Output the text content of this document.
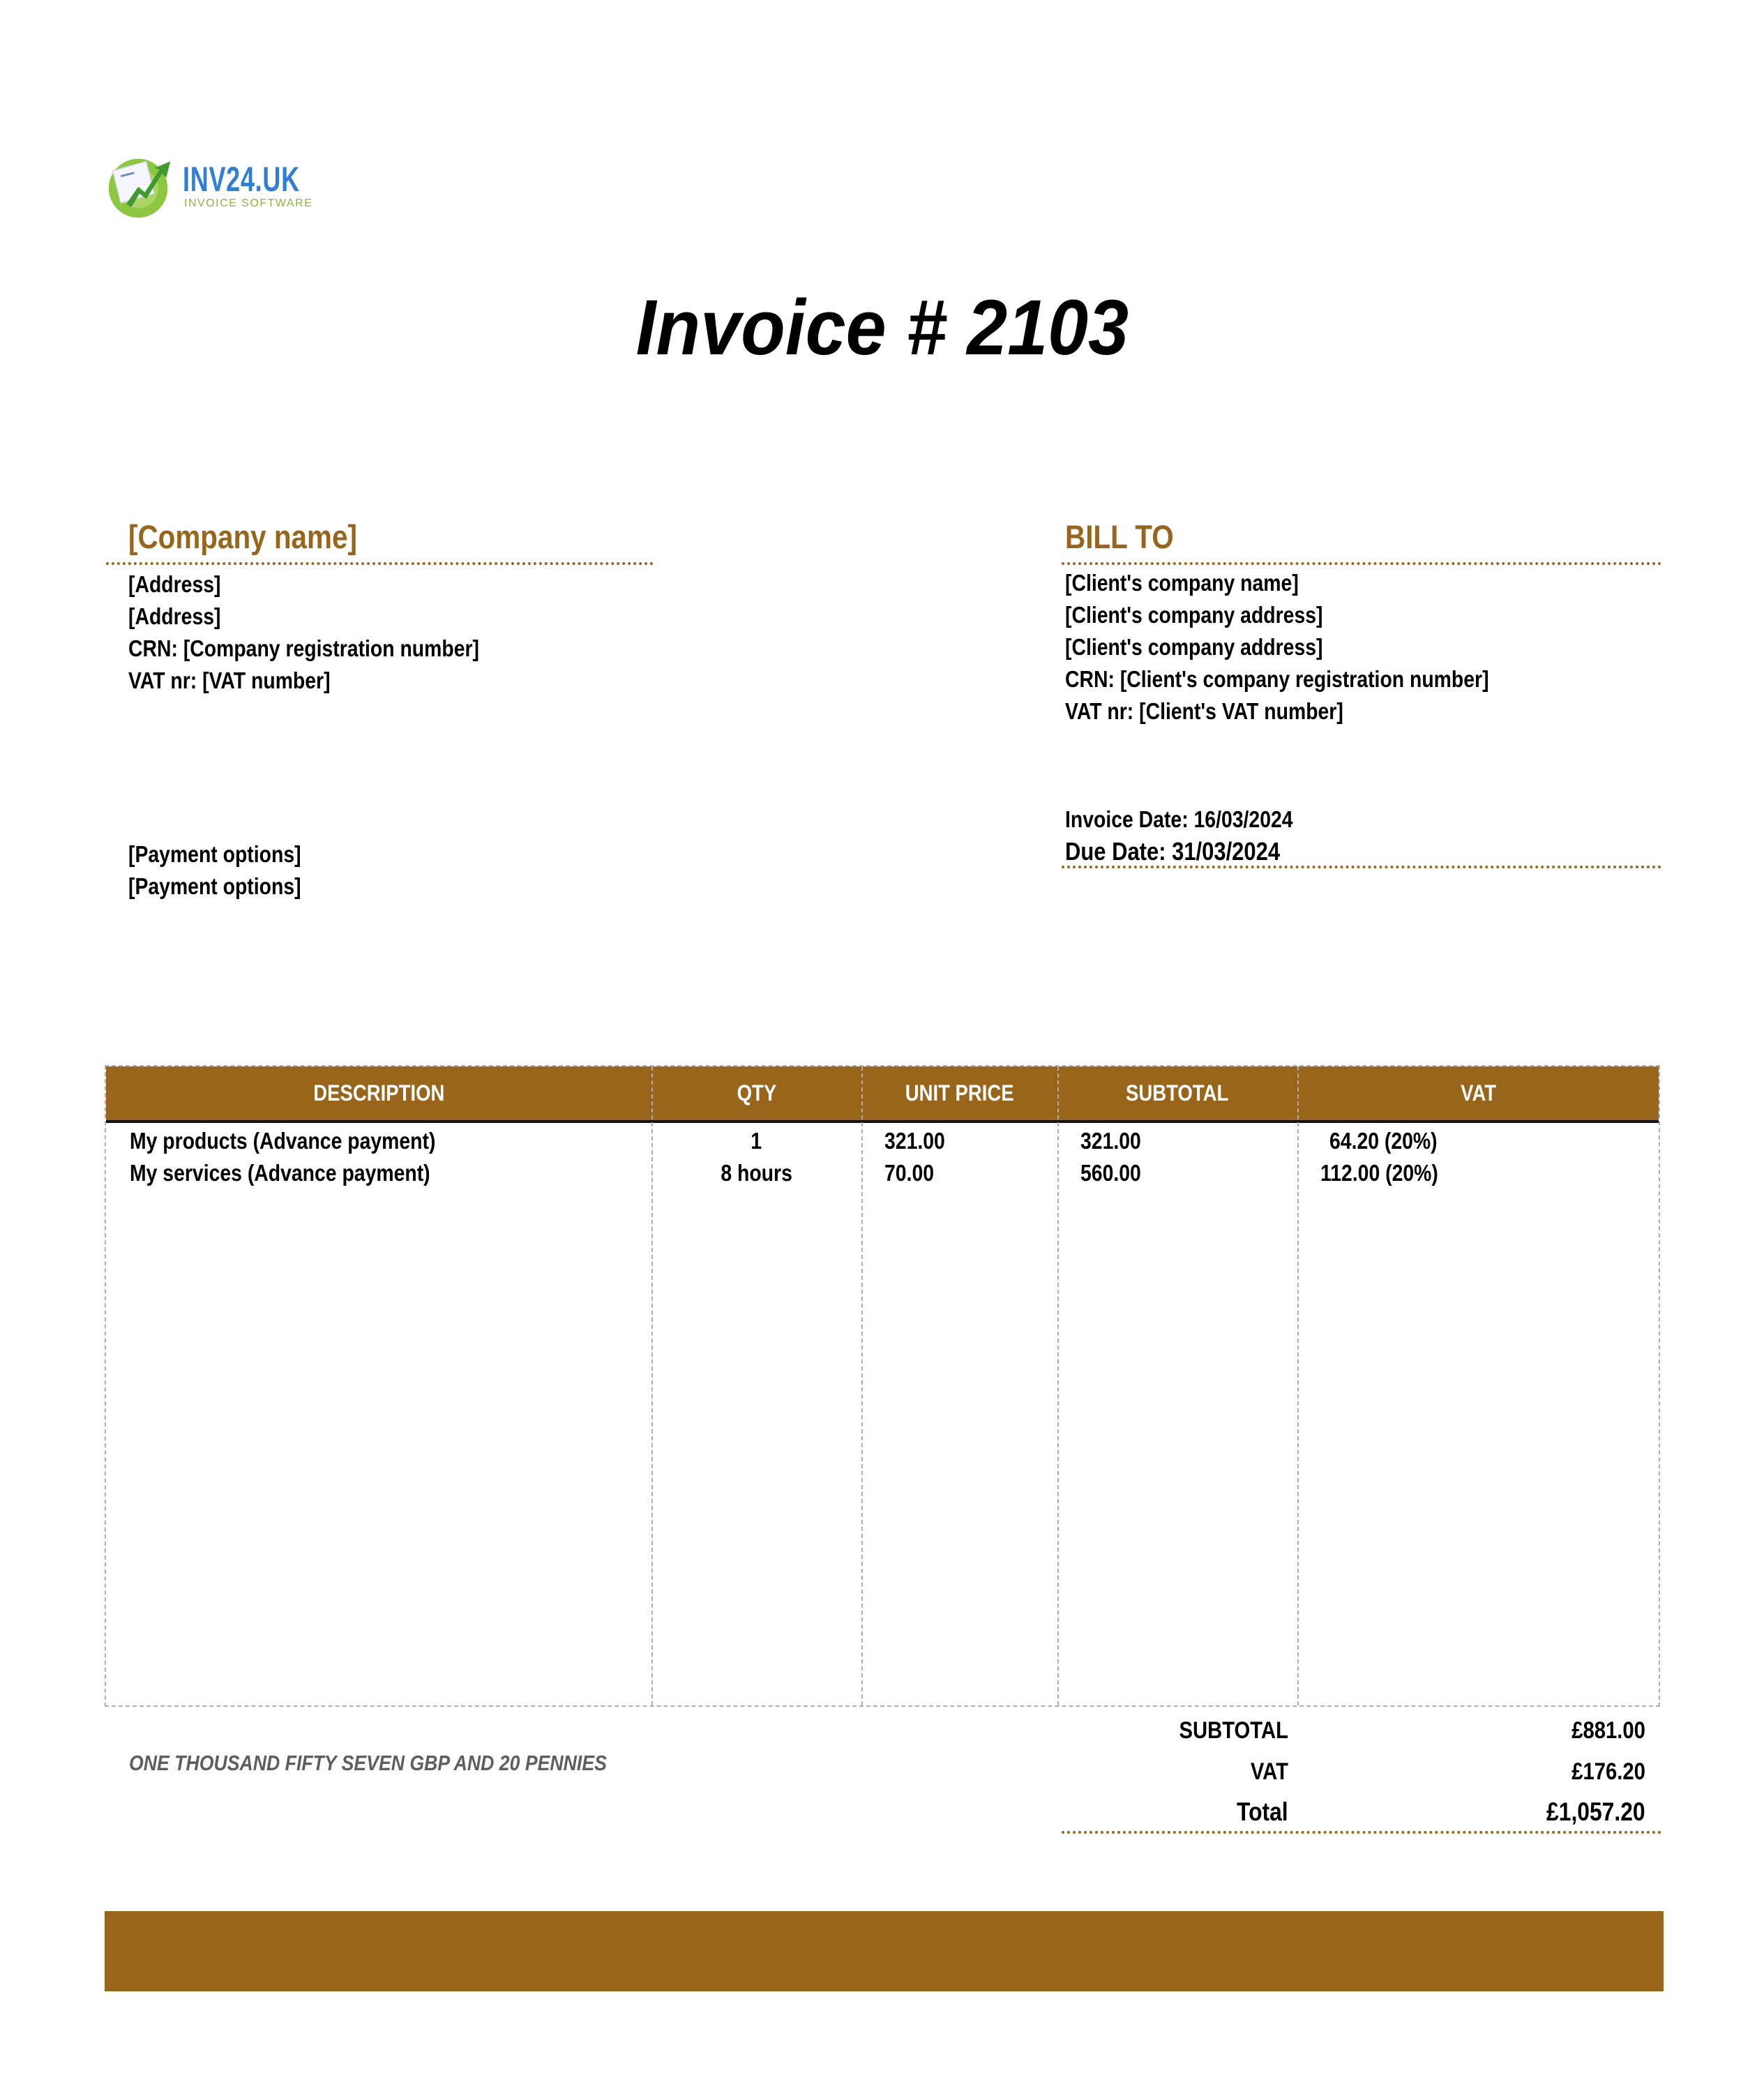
INV24.UK
INVOICE SOFTWARE
Invoice # 2103
[Company name]
[Address]
[Address]
CRN: [Company registration number]
VAT nr: [VAT number]
[Payment options]
[Payment options]
BILL TO
[Client's company name]
[Client's company address]
[Client's company address]
CRN: [Client's company registration number]
VAT nr: [Client's VAT number]
Invoice Date: 16/03/2024
Due Date: 31/03/2024
DESCRIPTION	QTY	UNIT PRICE	SUBTOTAL	VAT
My products (Advance payment)	1	321.00	321.00	64.20 (20%)
My services (Advance payment)	8 hours	70.00	560.00	112.00 (20%)
ONE THOUSAND FIFTY SEVEN GBP AND 20 PENNIES
SUBTOTAL	£881.00
VAT	£176.20
Total	£1,057.20
